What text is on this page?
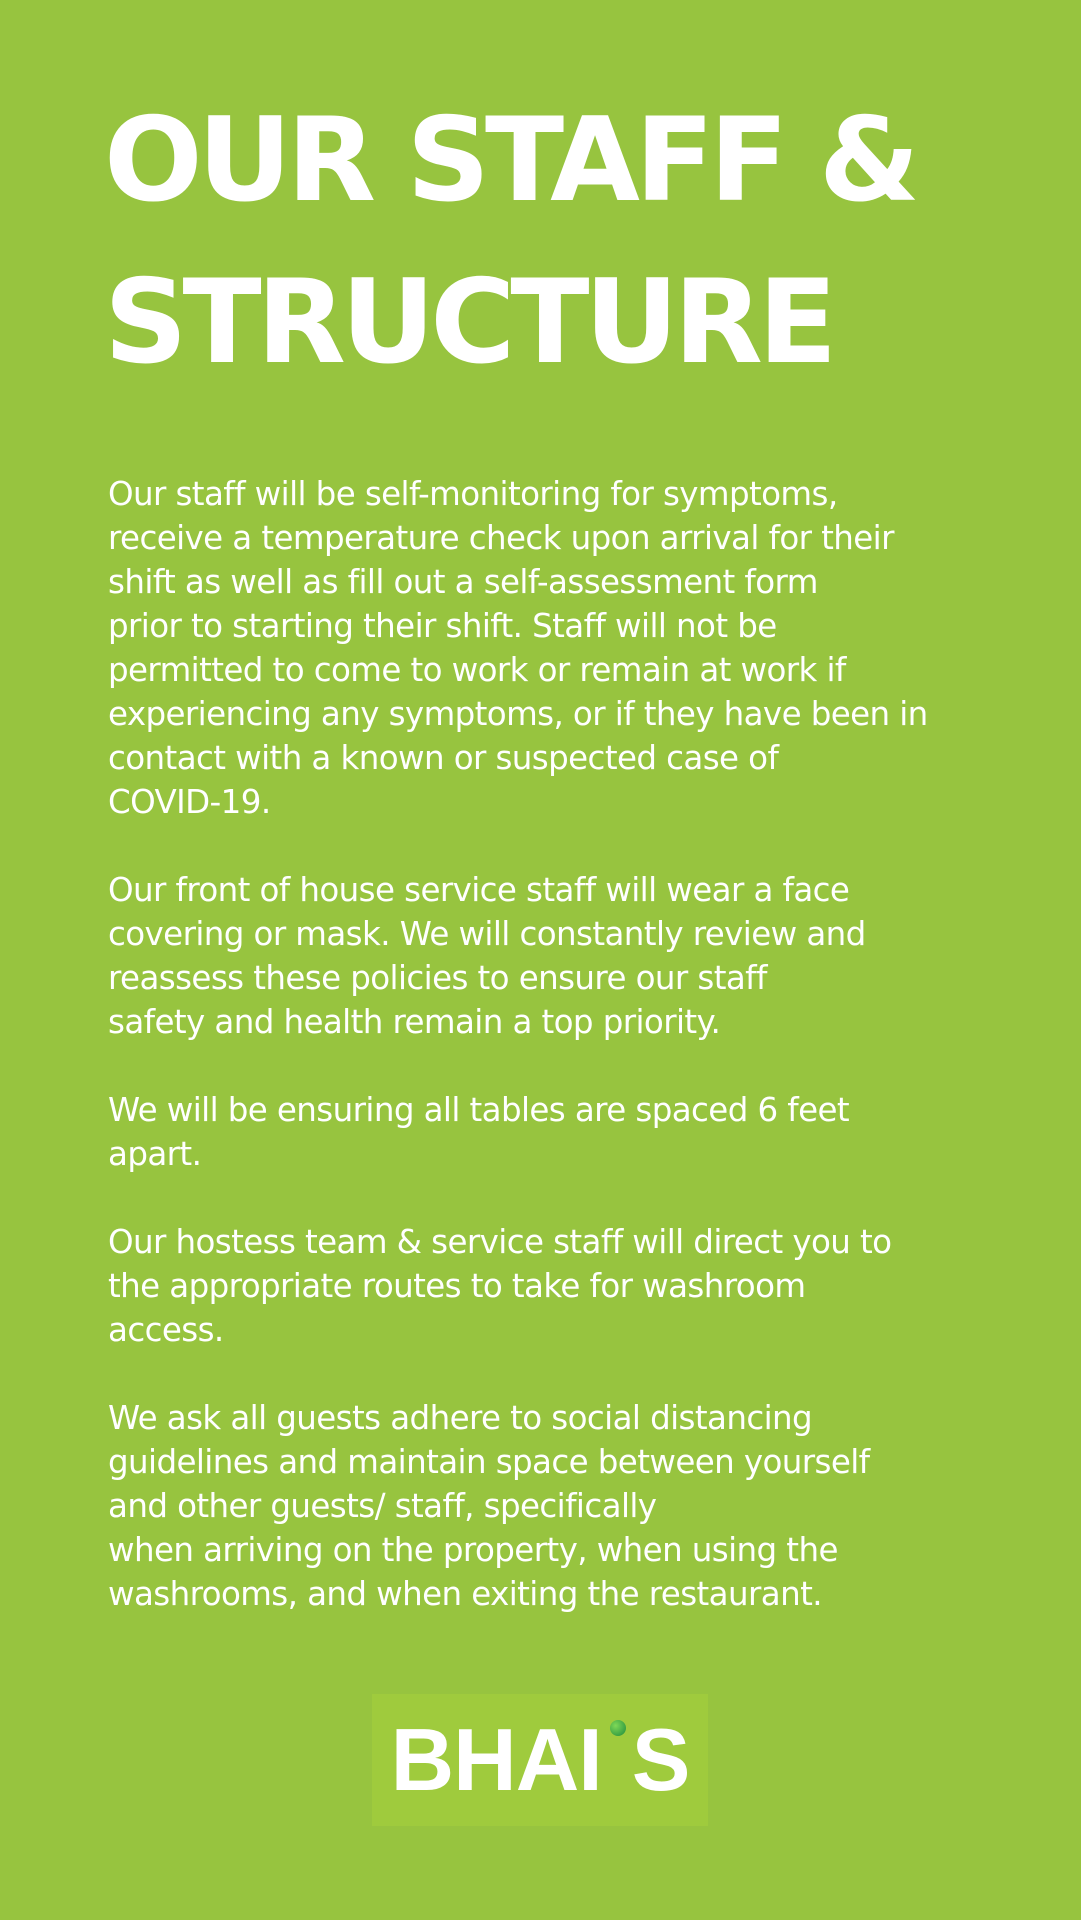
OUR STAFF &
STRUCTURE

Our staff will be self-monitoring for symptoms,
receive a temperature check upon arrival for their
shift as well as fill out a self-assessment form
prior to starting their shift. Staff will not be
permitted to come to work or remain at work if
experiencing any symptoms, or if they have been in
contact with a known or suspected case of
COVID-19.

Our front of house service staff will wear a face
covering or mask. We will constantly review and
reassess these policies to ensure our staff
safety and health remain a top priority.

We will be ensuring all tables are spaced 6 feet
apart.

Our hostess team & service staff will direct you to
the appropriate routes to take for washroom
access.

We ask all guests adhere to social distancing
guidelines and maintain space between yourself
and other guests/ staff, specifically
when arriving on the property, when using the
washrooms, and when exiting the restaurant.

BHAI S
